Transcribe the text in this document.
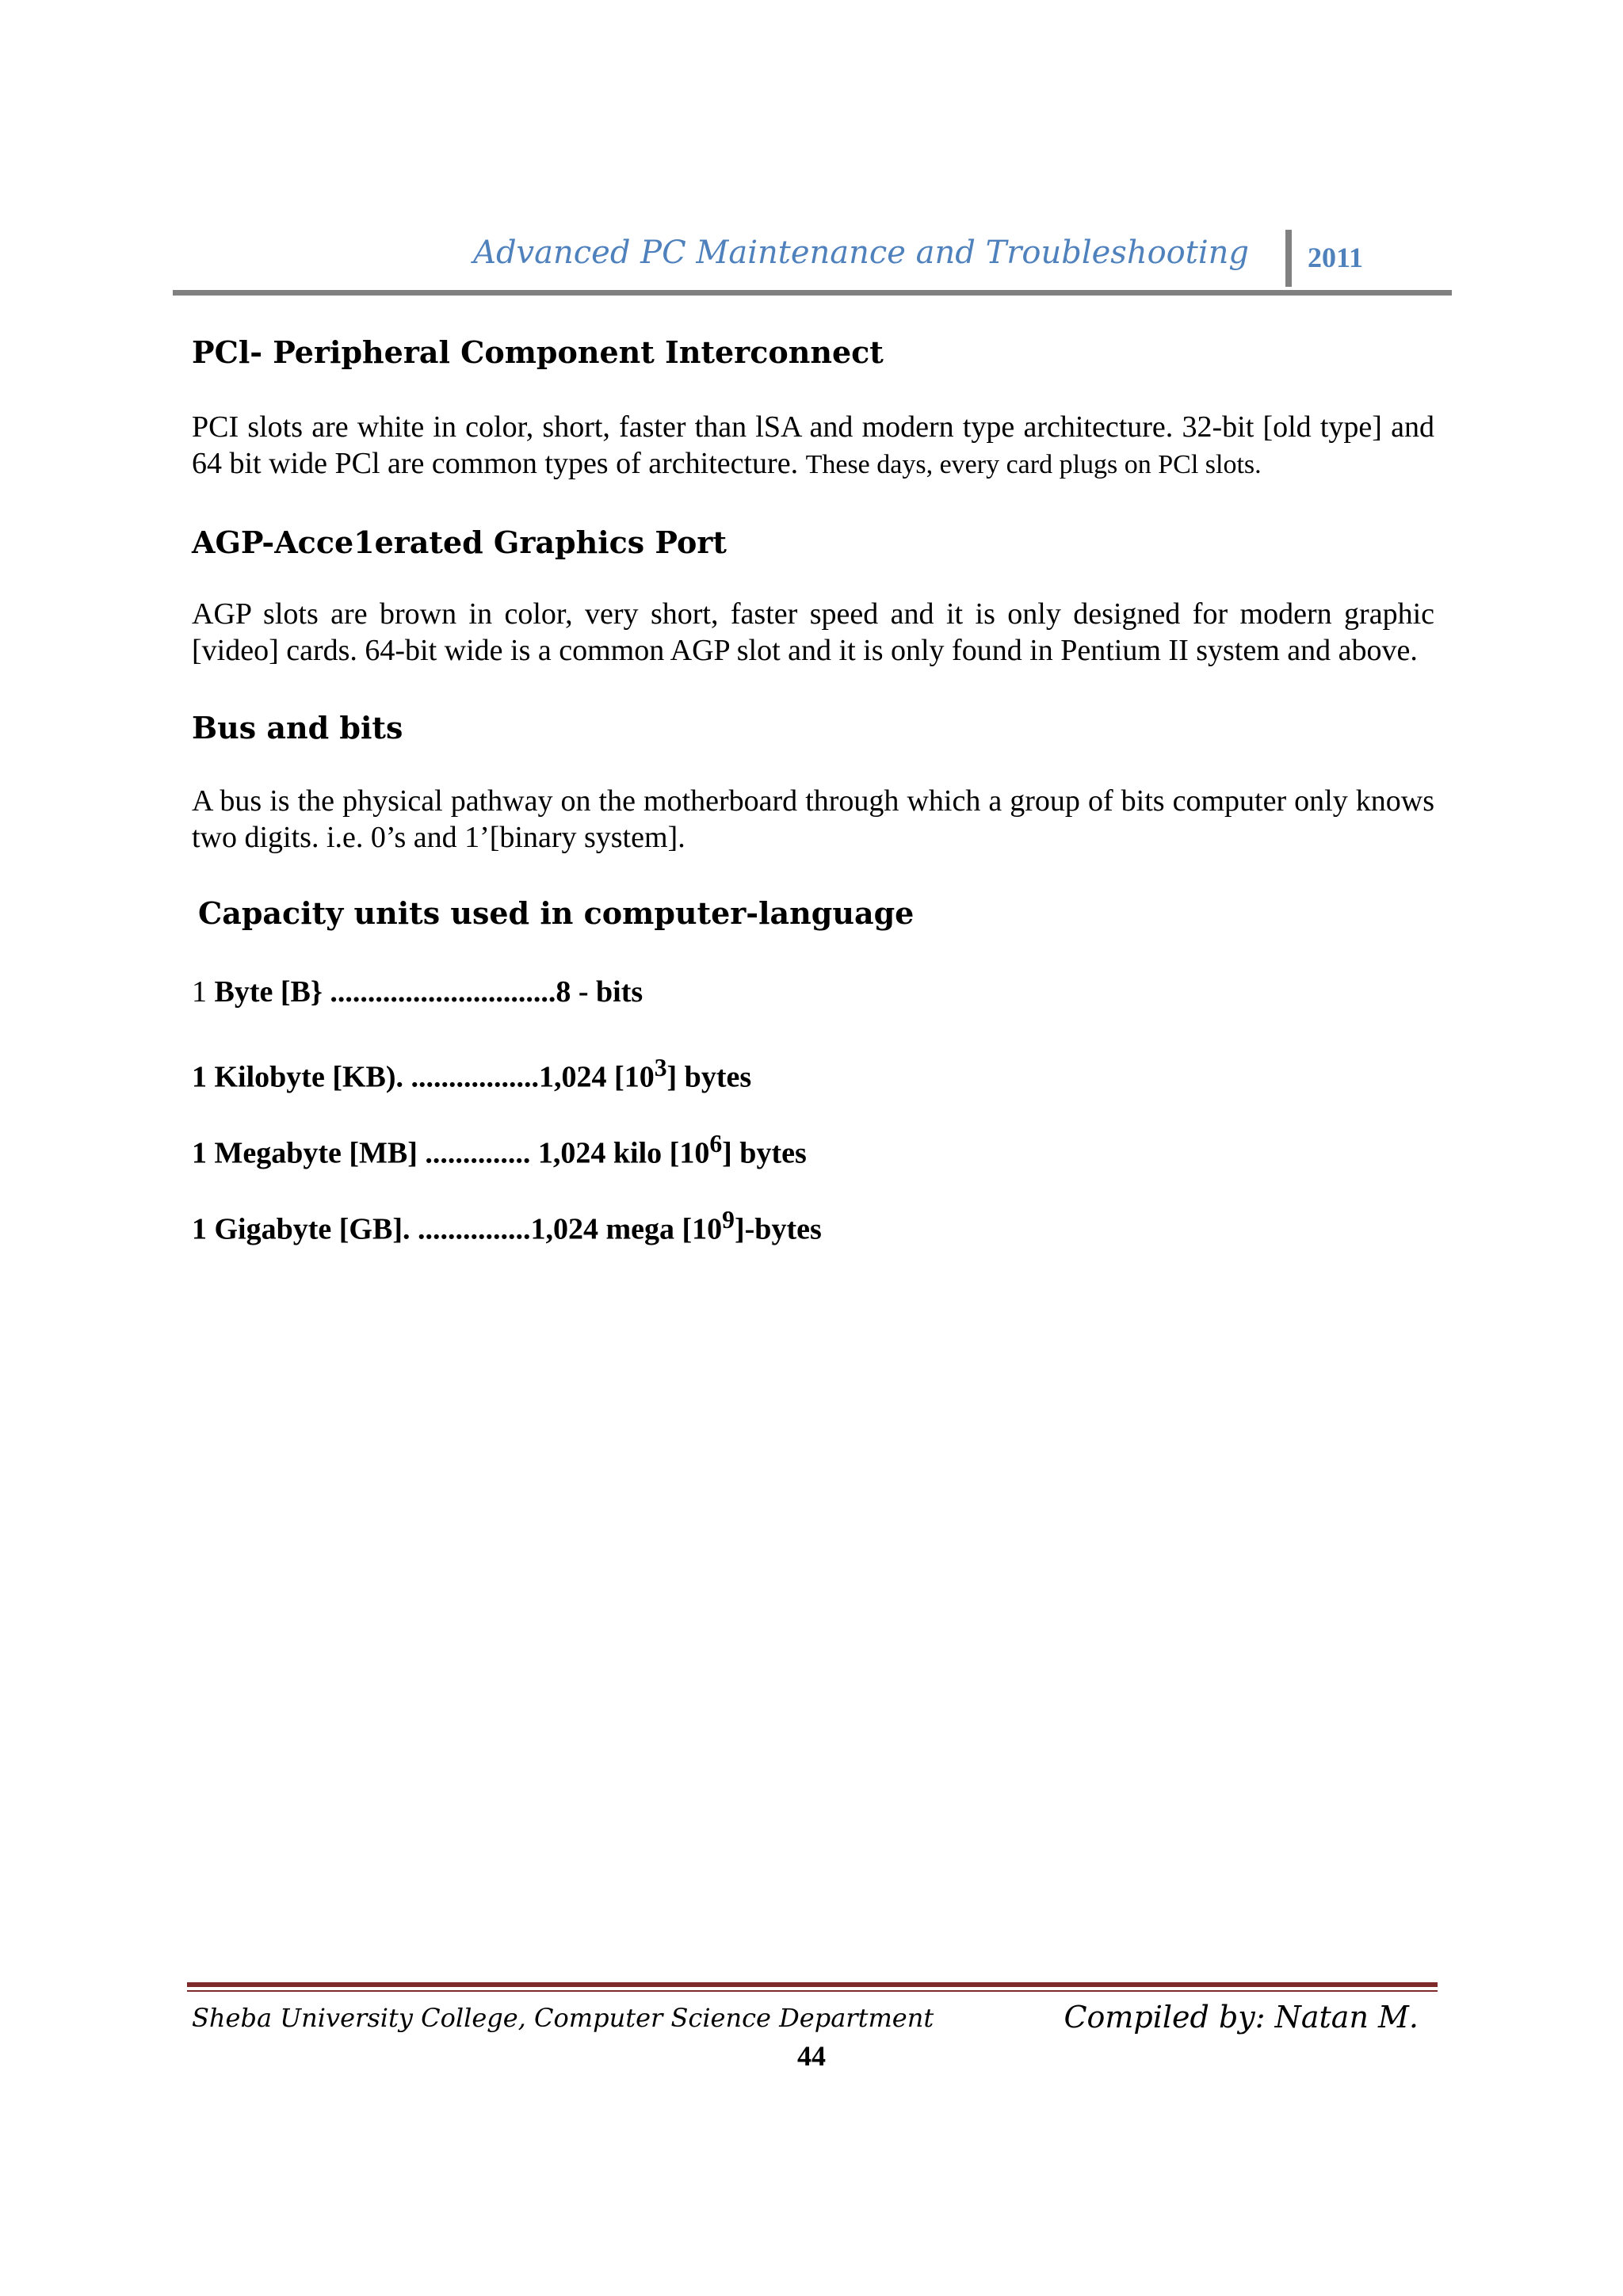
Advanced PC Maintenance and Troubleshooting 2011
PCl- Peripheral Component Interconnect

PCI slots are white in color, short, faster than lSA and modern type architecture. 32-bit [old type] and 64 bit wide PCl are common types of architecture. These days, every card plugs on PCl slots.

AGP-Acce1erated Graphics Port

AGP slots are brown in color, very short, faster speed and it is only designed for modern graphic [video] cards. 64-bit wide is a common AGP slot and it is only found in Pentium II system and above.

Bus and bits

A bus is the physical pathway on the motherboard through which a group of bits computer only knows two digits. i.e. 0’s and 1’[binary system].

Capacity units used in computer-language
1 Byte [B} ..............................8 - bits
1 Kilobyte [KB). .................1,024 $[10^3]$ bytes
1 Megabyte [MB] .............. 1,024 kilo $[10^6]$ bytes
1 Gigabyte [GB]. ...............1,024 mega $[10^9]$-bytes
Sheba University College, Computer Science Department	Compiled by: Natan M.
44
